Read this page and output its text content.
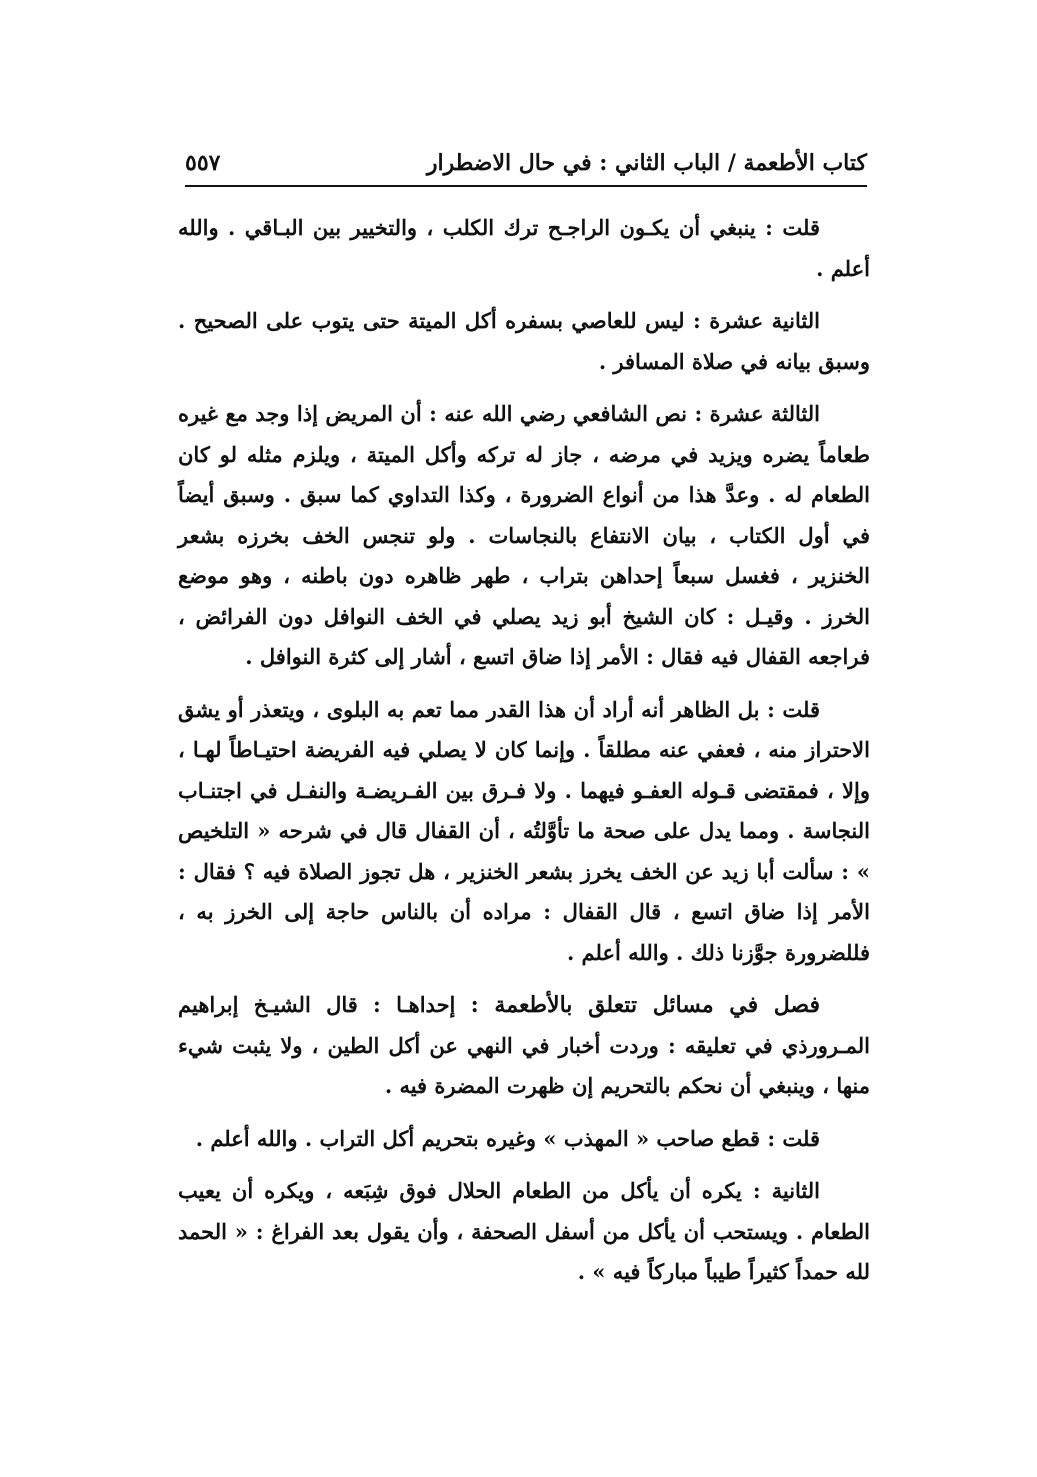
كتاب الأطعمة / الباب الثاني : في حال الاضطرار
٥٥٧

قلت : ينبغي أن يكـون الراجـح ترك الكلب ، والتخيير بين البـاقي . والله أعلم .

الثانية عشرة : ليس للعاصي بسفره أكل الميتة حتى يتوب على الصحيح . وسبق بيانه في صلاة المسافر .

الثالثة عشرة : نص الشافعي رضي الله عنه : أن المريض إذا وجد مع غيره طعاماً يضره ويزيد في مرضه ، جاز له تركه وأكل الميتة ، ويلزم مثله لو كان الطعام له . وعدَّ هذا من أنواع الضرورة ، وكذا التداوي كما سبق . وسبق أيضاً في أول الكتاب ، بيان الانتفاع بالنجاسات . ولو تنجس الخف بخرزه بشعر الخنزير ، فغسل سبعاً إحداهن بتراب ، طهر ظاهره دون باطنه ، وهو موضع الخرز . وقيـل : كان الشيخ أبو زيد يصلي في الخف النوافل دون الفرائض ، فراجعه القفال فيه فقال : الأمر إذا ضاق اتسع ، أشار إلى كثرة النوافل .

قلت : بل الظاهر أنه أراد أن هذا القدر مما تعم به البلوى ، ويتعذر أو يشق الاحتراز منه ، فعفي عنه مطلقاً . وإنما كان لا يصلي فيه الفريضة احتيـاطاً لهـا ، وإلا ، فمقتضى قـوله العفـو فيهما . ولا فـرق بين الفـريضـة والنفـل في اجتنـاب النجاسة . ومما يدل على صحة ما تأوَّلتُه ، أن القفال قال في شرحه « التلخيص » : سألت أبا زيد عن الخف يخرز بشعر الخنزير ، هل تجوز الصلاة فيه ؟ فقال : الأمر إذا ضاق اتسع ، قال القفال : مراده أن بالناس حاجة إلى الخرز به ، فللضرورة جوَّزنا ذلك . والله أعلم .

فصل في مسائل تتعلق بالأطعمة : إحداهـا : قال الشيـخ إبراهيم المـرورذي في تعليقه : وردت أخبار في النهي عن أكل الطين ، ولا يثبت شيء منها ، وينبغي أن نحكم بالتحريم إن ظهرت المضرة فيه .

قلت : قطع صاحب « المهذب » وغيره بتحريم أكل التراب . والله أعلم .

الثانية : يكره أن يأكل من الطعام الحلال فوق شِبَعه ، ويكره أن يعيب الطعام . ويستحب أن يأكل من أسفل الصحفة ، وأن يقول بعد الفراغ : « الحمد لله حمداً كثيراً طيباً مباركاً فيه » .
